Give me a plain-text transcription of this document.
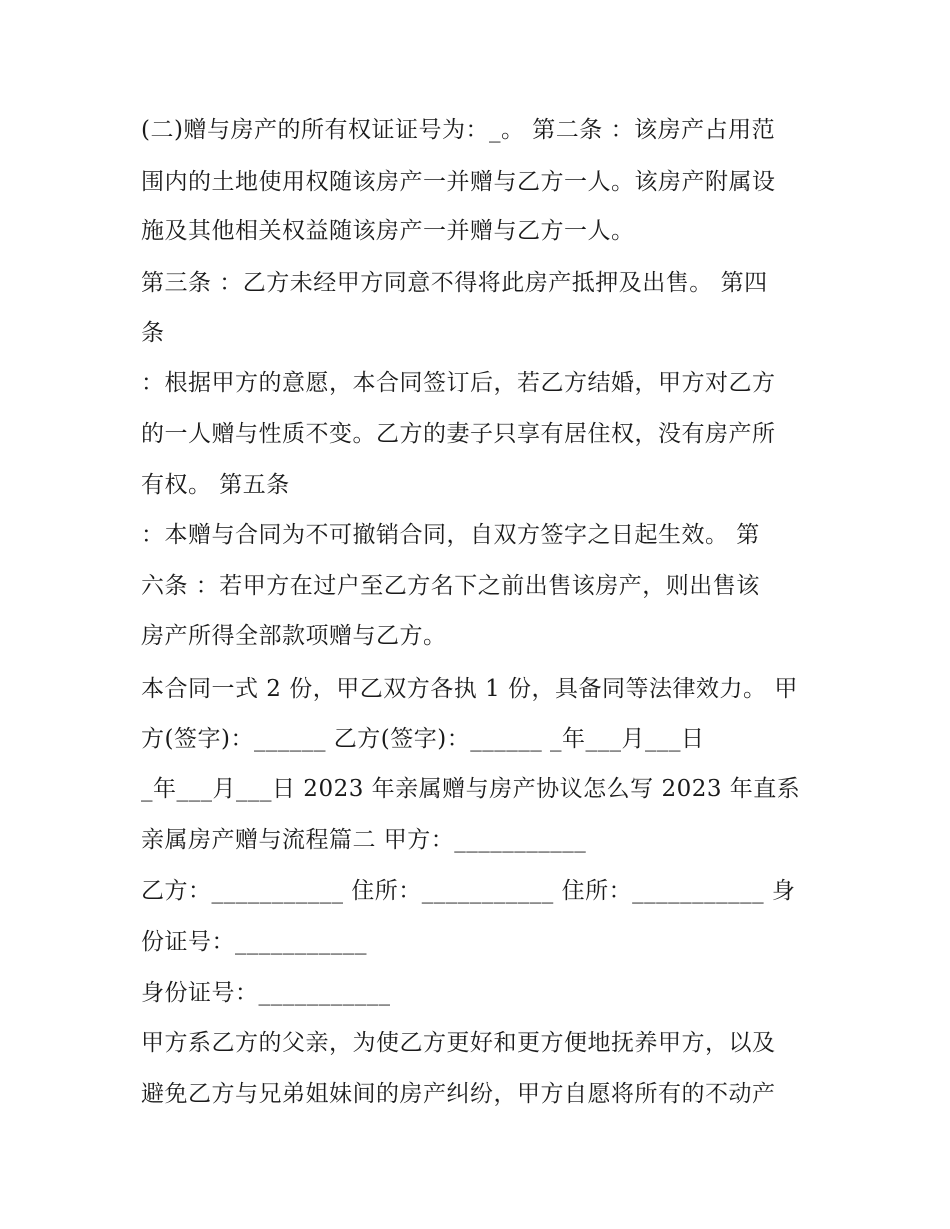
(二)赠与房产的所有权证证号为：_。 第二条 ：该房产占用范

围内的土地使用权随该房产一并赠与乙方一人。该房产附属设

施及其他相关权益随该房产一并赠与乙方一人。

第三条 ：乙方未经甲方同意不得将此房产抵押及出售。 第四

条

：根据甲方的意愿，本合同签订后，若乙方结婚，甲方对乙方

的一人赠与性质不变。乙方的妻子只享有居住权，没有房产所

有权。 第五条

：本赠与合同为不可撤销合同，自双方签字之日起生效。 第

六条 ：若甲方在过户至乙方名下之前出售该房产，则出售该

房产所得全部款项赠与乙方。

本合同一式 2 份，甲乙双方各执 1 份，具备同等法律效力。 甲

方(签字)：______ 乙方(签字)：______ _年___月___日

_年___月___日 2023 年亲属赠与房产协议怎么写 2023 年直系

亲属房产赠与流程篇二 甲方：___________

乙方：___________ 住所：___________ 住所：___________ 身

份证号：___________

身份证号：___________

甲方系乙方的父亲，为使乙方更好和更方便地抚养甲方，以及

避免乙方与兄弟姐妹间的房产纠纷，甲方自愿将所有的不动产
